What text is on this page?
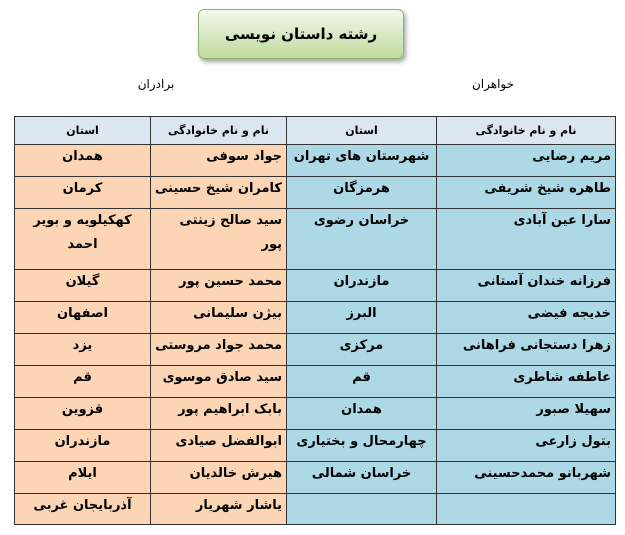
رشته داستان نویسی
برادران	خواهران
نام و نام خانوادگی	استان	نام و نام خانوادگی	استان
مریم رضایی	شهرستان های تهران	جواد سوفی	همدان
طاهره شیخ شریفی	هرمزگان	کامران شیخ حسینی	کرمان
سارا عین آبادی	خراسان رضوی	سید صالح زینتی پور	کهکیلویه و بویر احمد
فرزانه خندان آستانی	مازندران	محمد حسین پور	گیلان
خدیجه فیضی	البرز	بیژن سلیمانی	اصفهان
زهرا دستجانی فراهانی	مرکزی	محمد جواد مروستی	یزد
عاطفه شاطری	قم	سید صادق موسوی	قم
سهیلا صبور	همدان	بابک ابراهیم پور	قزوین
بتول زارعی	چهارمحال و بختیاری	ابوالفضل صیادی	مازندران
شهربانو محمدحسینی	خراسان شمالی	هیرش خالدیان	ایلام
		یاشار شهریار	آذربایجان غربی
